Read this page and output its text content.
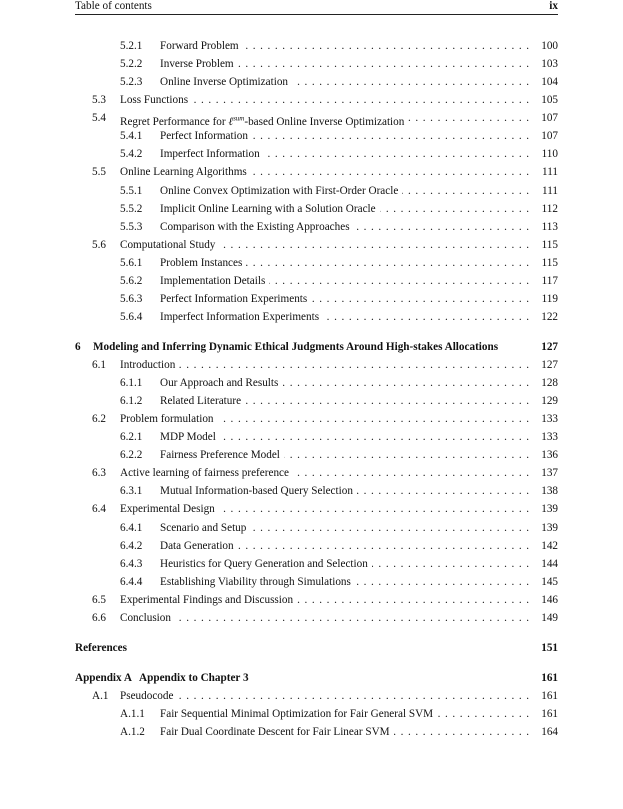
Table of contents	ix
5.2.1 Forward Problem . . .	100
5.2.2 Inverse Problem . . .	103
5.2.3 Online Inverse Optimization . . .	104
5.3 Loss Functions . . .	105
5.4 Regret Performance for ℓ$^{sum}$-based Online Inverse Optimization . . .	107
5.4.1 Perfect Information . . .	107
5.4.2 Imperfect Information . . .	110
5.5 Online Learning Algorithms . . .	111
5.5.1 Online Convex Optimization with First-Order Oracle . . .	111
5.5.2 Implicit Online Learning with a Solution Oracle . . .	112
5.5.3 Comparison with the Existing Approaches . . .	113
5.6 Computational Study . . .	115
5.6.1 Problem Instances . . .	115
5.6.2 Implementation Details . . .	117
5.6.3 Perfect Information Experiments . . .	119
5.6.4 Imperfect Information Experiments . . .	122
6 Modeling and Inferring Dynamic Ethical Judgments Around High-stakes Allocations	127
6.1 Introduction . . .	127
6.1.1 Our Approach and Results . . .	128
6.1.2 Related Literature . . .	129
6.2 Problem formulation . . .	133
6.2.1 MDP Model . . .	133
6.2.2 Fairness Preference Model . . .	136
6.3 Active learning of fairness preference . . .	137
6.3.1 Mutual Information-based Query Selection . . .	138
6.4 Experimental Design . . .	139
6.4.1 Scenario and Setup . . .	139
6.4.2 Data Generation . . .	142
6.4.3 Heuristics for Query Generation and Selection . . .	144
6.4.4 Establishing Viability through Simulations . . .	145
6.5 Experimental Findings and Discussion . . .	146
6.6 Conclusion . . .	149
References	151
Appendix A   Appendix to Chapter 3	161
A.1 Pseudocode . . .	161
A.1.1 Fair Sequential Minimal Optimization for Fair General SVM . . .	161
A.1.2 Fair Dual Coordinate Descent for Fair Linear SVM . . .	164
